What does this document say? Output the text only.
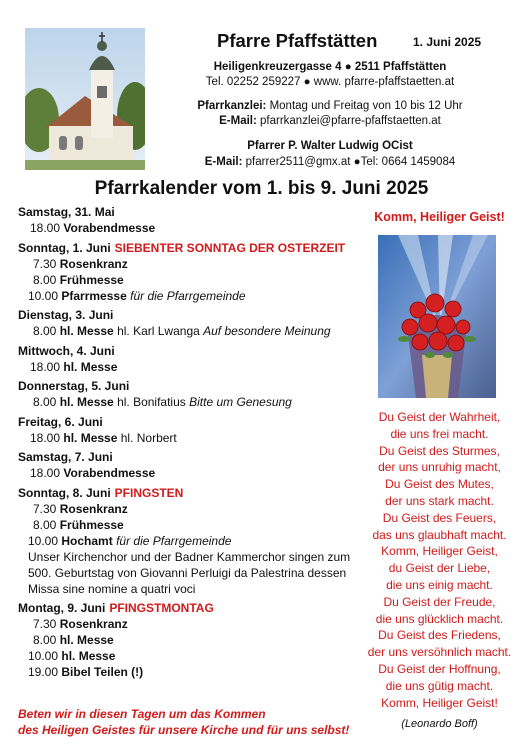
Pfarre Pfaffstätten	1. Juni 2025
Heiligenkreuzergasse 4 ● 2511 Pfaffstätten
Tel. 02252 259227 ● www. pfarre-pfaffstaetten.at
Pfarrkanzlei: Montag und Freitag von 10 bis 12 Uhr
E-Mail: pfarrkanzlei@pfarre-pfaffstaetten.at
Pfarrer P. Walter Ludwig OCist
E-Mail: pfarrer2511@gmx.at ●Tel: 0664 1459084
Pfarrkalender vom 1. bis 9. Juni 2025
Samstag, 31. Mai
18.00 Vorabendmesse
Sonntag, 1. Juni SIEBENTER SONNTAG DER OSTERZEIT
7.30 Rosenkranz
8.00 Frühmesse
10.00 Pfarrmesse für die Pfarrgemeinde
Dienstag, 3. Juni
8.00 hl. Messe hl. Karl Lwanga Auf besondere Meinung
Mittwoch, 4. Juni
18.00 hl. Messe
Donnerstag, 5. Juni
8.00 hl. Messe hl. Bonifatius Bitte um Genesung
Freitag, 6. Juni
18.00 hl. Messe hl. Norbert
Samstag, 7. Juni
18.00 Vorabendmesse
Sonntag, 8. Juni PFINGSTEN
7.30 Rosenkranz
8.00 Frühmesse
10.00 Hochamt für die Pfarrgemeinde
Unser Kirchenchor und der Badner Kammerchor singen zum
500. Geburtstag von Giovanni Perluigi da Palestrina dessen
Missa sine nomine a quatri voci
Montag, 9. Juni PFINGSTMONTAG
7.30 Rosenkranz
8.00 hl. Messe
10.00 hl. Messe
19.00 Bibel Teilen (!)
Beten wir in diesen Tagen um das Kommen
des Heiligen Geistes für unsere Kirche und für uns selbst!
Komm, Heiliger Geist!
Du Geist der Wahrheit,
die uns frei macht.
Du Geist des Sturmes,
der uns unruhig macht,
Du Geist des Mutes,
der uns stark macht.
Du Geist des Feuers,
das uns glaubhaft macht.
Komm, Heiliger Geist,
du Geist der Liebe,
die uns einig macht.
Du Geist der Freude,
die uns glücklich macht.
Du Geist des Friedens,
der uns versöhnlich macht.
Du Geist der Hoffnung,
die uns gütig macht.
Komm, Heiliger Geist!
(Leonardo Boff)
